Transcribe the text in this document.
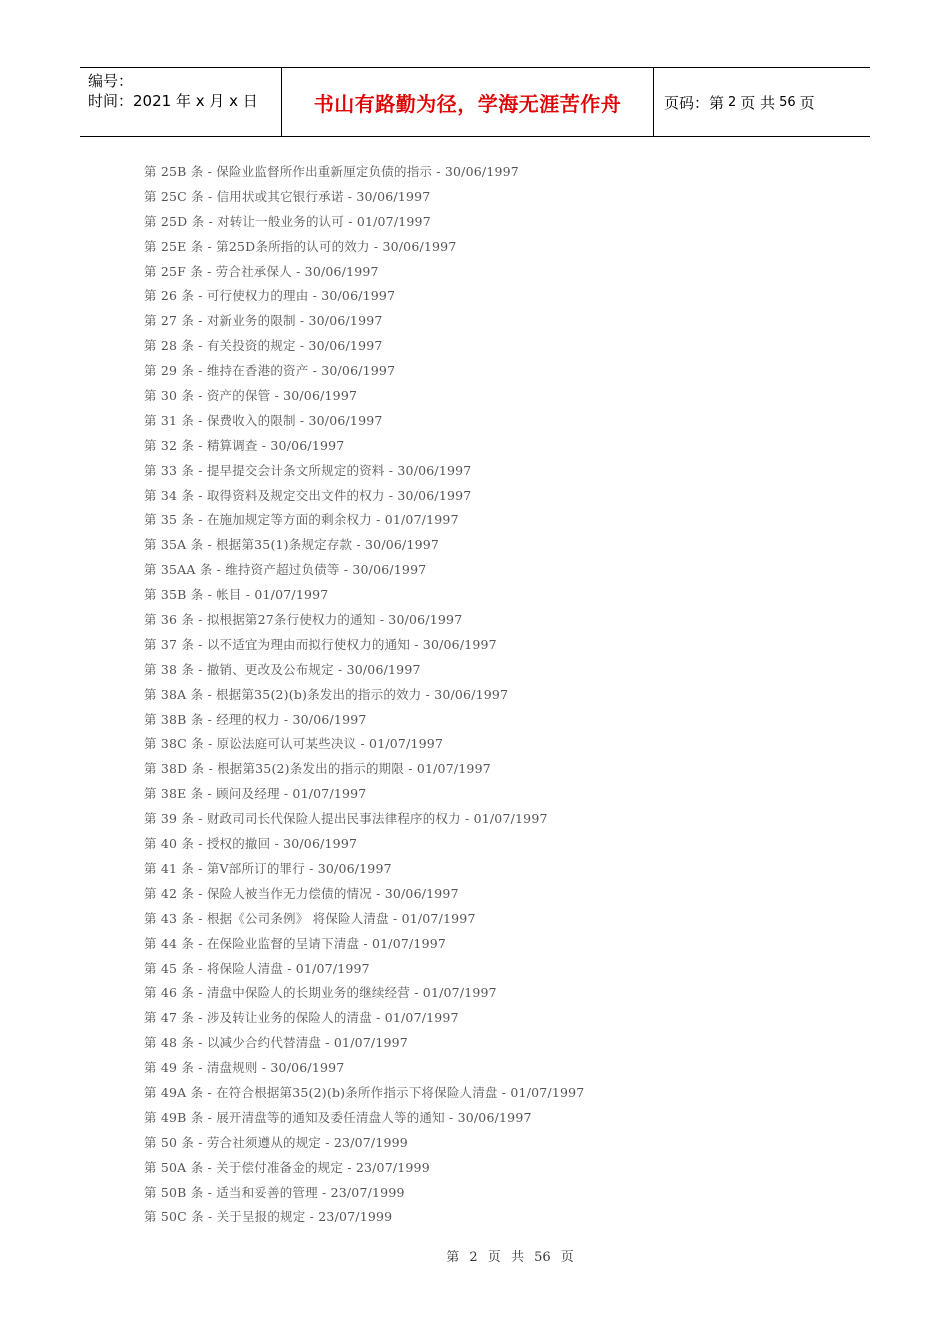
编号：
时间：2021 年 x 月 x 日	书山有路勤为径，学海无涯苦作舟	页码：第 2 页 共 56 页
第 25B 条 - 保险业监督所作出重新厘定负债的指示 - 30/06/1997
第 25C 条 - 信用状或其它银行承诺 - 30/06/1997
第 25D 条 - 对转让一般业务的认可 - 01/07/1997
第 25E 条 - 第25D条所指的认可的效力 - 30/06/1997
第 25F 条 - 劳合社承保人 - 30/06/1997
第 26 条 - 可行使权力的理由 - 30/06/1997
第 27 条 - 对新业务的限制 - 30/06/1997
第 28 条 - 有关投资的规定 - 30/06/1997
第 29 条 - 维持在香港的资产 - 30/06/1997
第 30 条 - 资产的保管 - 30/06/1997
第 31 条 - 保费收入的限制 - 30/06/1997
第 32 条 - 精算调查 - 30/06/1997
第 33 条 - 提早提交会计条文所规定的资料 - 30/06/1997
第 34 条 - 取得资料及规定交出文件的权力 - 30/06/1997
第 35 条 - 在施加规定等方面的剩余权力 - 01/07/1997
第 35A 条 - 根据第35(1)条规定存款 - 30/06/1997
第 35AA 条 - 维持资产超过负债等 - 30/06/1997
第 35B 条 - 帐目 - 01/07/1997
第 36 条 - 拟根据第27条行使权力的通知 - 30/06/1997
第 37 条 - 以不适宜为理由而拟行使权力的通知 - 30/06/1997
第 38 条 - 撤销、更改及公布规定 - 30/06/1997
第 38A 条 - 根据第35(2)(b)条发出的指示的效力 - 30/06/1997
第 38B 条 - 经理的权力 - 30/06/1997
第 38C 条 - 原讼法庭可认可某些决议 - 01/07/1997
第 38D 条 - 根据第35(2)条发出的指示的期限 - 01/07/1997
第 38E 条 - 顾问及经理 - 01/07/1997
第 39 条 - 财政司司长代保险人提出民事法律程序的权力 - 01/07/1997
第 40 条 - 授权的撤回 - 30/06/1997
第 41 条 - 第Ⅴ部所订的罪行 - 30/06/1997
第 42 条 - 保险人被当作无力偿债的情况 - 30/06/1997
第 43 条 - 根据《公司条例》 将保险人清盘 - 01/07/1997
第 44 条 - 在保险业监督的呈请下清盘 - 01/07/1997
第 45 条 - 将保险人清盘 - 01/07/1997
第 46 条 - 清盘中保险人的长期业务的继续经营 - 01/07/1997
第 47 条 - 涉及转让业务的保险人的清盘 - 01/07/1997
第 48 条 - 以减少合约代替清盘 - 01/07/1997
第 49 条 - 清盘规则 - 30/06/1997
第 49A 条 - 在符合根据第35(2)(b)条所作指示下将保险人清盘 - 01/07/1997
第 49B 条 - 展开清盘等的通知及委任清盘人等的通知 - 30/06/1997
第 50 条 - 劳合社须遵从的规定 - 23/07/1999
第 50A 条 - 关于偿付准备金的规定 - 23/07/1999
第 50B 条 - 适当和妥善的管理 - 23/07/1999
第 50C 条 - 关于呈报的规定 - 23/07/1999
第 2 页 共 56 页
